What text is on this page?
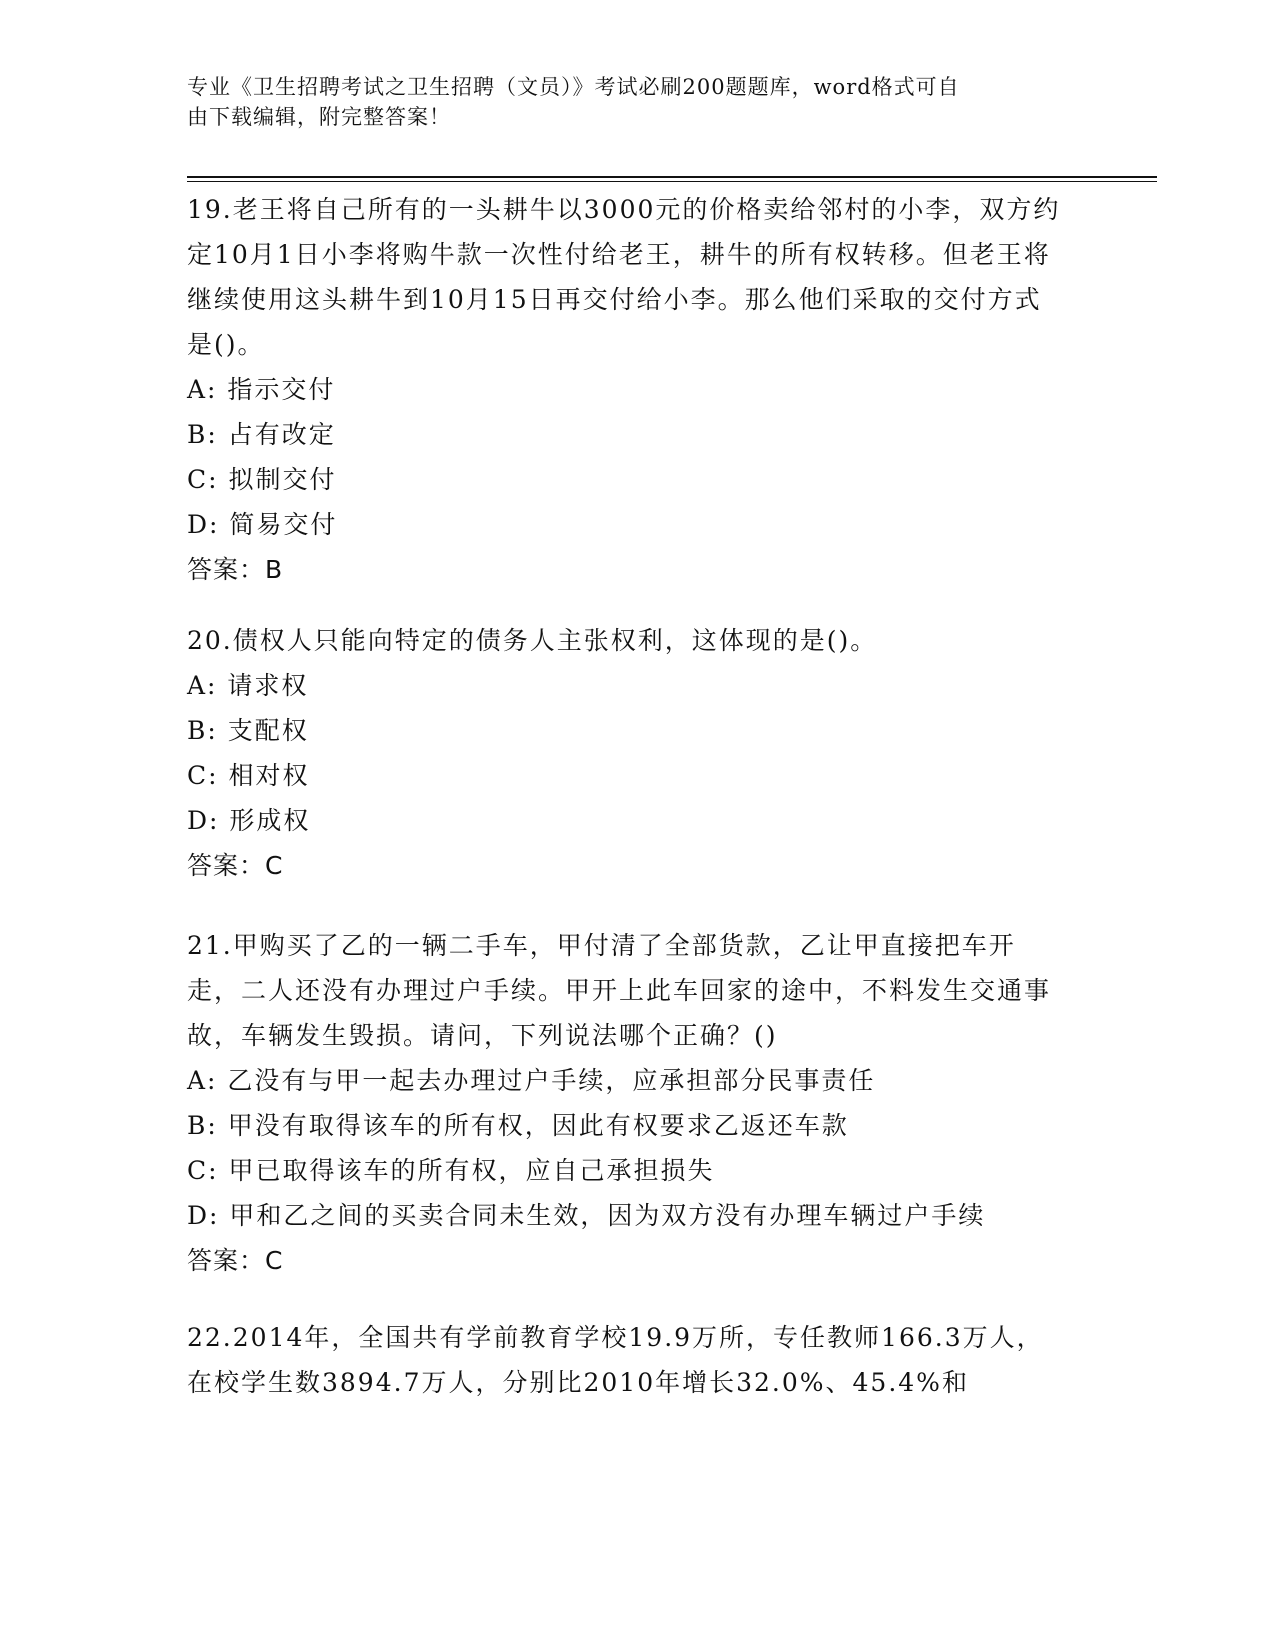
专业《卫生招聘考试之卫生招聘（文员）》考试必刷200题题库，word格式可自
由下载编辑，附完整答案！

19.老王将自己所有的一头耕牛以3000元的价格卖给邻村的小李，双方约定10月1日小李将购牛款一次性付给老王，耕牛的所有权转移。但老王将继续使用这头耕牛到10月15日再交付给小李。那么他们采取的交付方式是()。

A: 指示交付

B: 占有改定

C: 拟制交付

D: 简易交付

答案：B

20.债权人只能向特定的债务人主张权利，这体现的是()。

A: 请求权

B: 支配权

C: 相对权

D: 形成权

答案：C

21.甲购买了乙的一辆二手车，甲付清了全部货款，乙让甲直接把车开走，二人还没有办理过户手续。甲开上此车回家的途中，不料发生交通事故，车辆发生毁损。请问，下列说法哪个正确？()

A: 乙没有与甲一起去办理过户手续，应承担部分民事责任

B: 甲没有取得该车的所有权，因此有权要求乙返还车款

C: 甲已取得该车的所有权，应自己承担损失

D: 甲和乙之间的买卖合同未生效，因为双方没有办理车辆过户手续

答案：C

22.2014年，全国共有学前教育学校19.9万所，专任教师166.3万人，在校学生数3894.7万人，分别比2010年增长32.0%、45.4%和
